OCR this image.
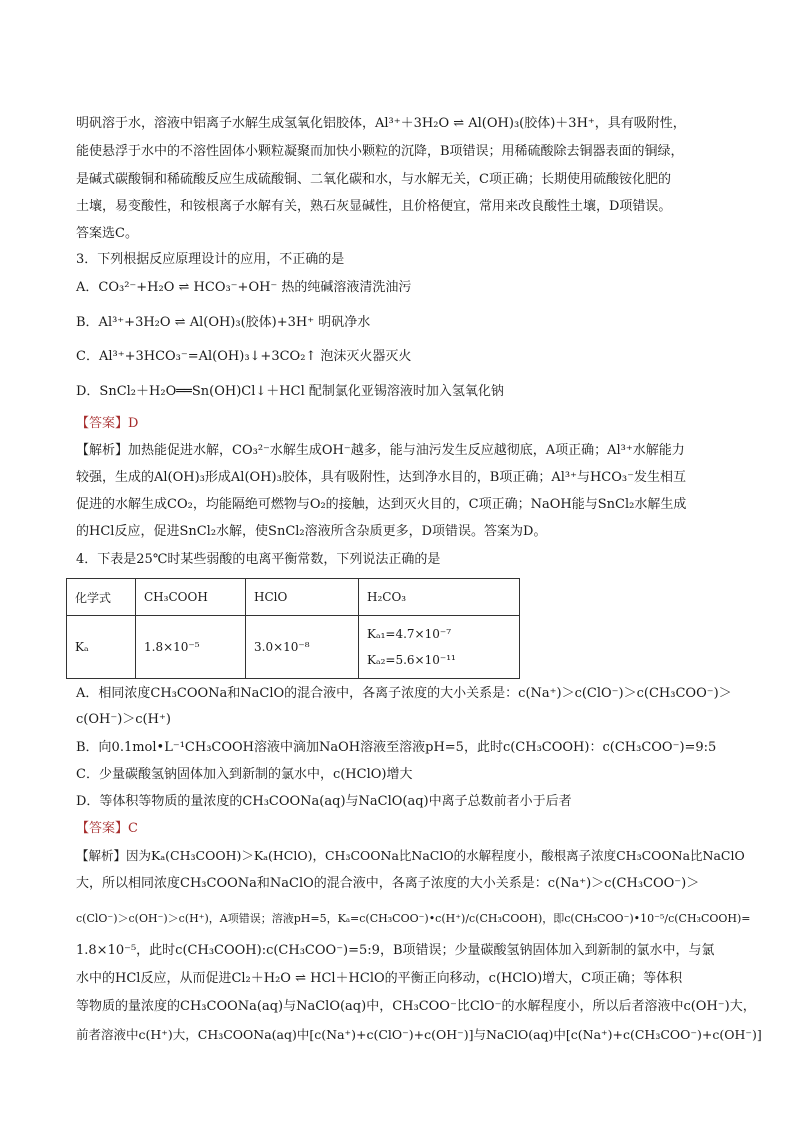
明矾溶于水，溶液中铝离子水解生成氢氧化铝胶体，Al³⁺＋3H₂O ⇌ Al(OH)₃(胶体)＋3H⁺，具有吸附性，
能使悬浮于水中的不溶性固体小颗粒凝聚而加快小颗粒的沉降，B项错误；用稀硫酸除去铜器表面的铜绿，
是碱式碳酸铜和稀硫酸反应生成硫酸铜、二氧化碳和水，与水解无关，C项正确；长期使用硫酸铵化肥的
土壤，易变酸性，和铵根离子水解有关，熟石灰显碱性，且价格便宜，常用来改良酸性土壤，D项错误。
答案选C。
3．下列根据反应原理设计的应用，不正确的是
A．CO₃²⁻+H₂O ⇌ HCO₃⁻+OH⁻ 热的纯碱溶液清洗油污
B．Al³⁺+3H₂O ⇌ Al(OH)₃(胶体)+3H⁺ 明矾净水
C．Al³⁺+3HCO₃⁻=Al(OH)₃↓+3CO₂↑ 泡沫灭火器灭火
D．SnCl₂＋H₂O══Sn(OH)Cl↓＋HCl 配制氯化亚锡溶液时加入氢氧化钠
【答案】D
【解析】加热能促进水解，CO₃²⁻水解生成OH⁻越多，能与油污发生反应越彻底，A项正确；Al³⁺水解能力
较强，生成的Al(OH)₃形成Al(OH)₃胶体，具有吸附性，达到净水目的，B项正确；Al³⁺与HCO₃⁻发生相互
促进的水解生成CO₂，均能隔绝可燃物与O₂的接触，达到灭火目的，C项正确；NaOH能与SnCl₂水解生成
的HCl反应，促进SnCl₂水解，使SnCl₂溶液所含杂质更多，D项错误。答案为D。
4．下表是25℃时某些弱酸的电离平衡常数，下列说法正确的是
化学式	CH₃COOH	HClO	H₂CO₃
Kₐ	1.8×10⁻⁵	3.0×10⁻⁸	Kₐ₁=4.7×10⁻⁷
Kₐ₂=5.6×10⁻¹¹
A．相同浓度CH₃COONa和NaClO的混合液中，各离子浓度的大小关系是：c(Na⁺)＞c(ClO⁻)＞c(CH₃COO⁻)＞
c(OH⁻)＞c(H⁺)
B．向0.1mol•L⁻¹CH₃COOH溶液中滴加NaOH溶液至溶液pH=5，此时c(CH₃COOH)：c(CH₃COO⁻)=9:5
C．少量碳酸氢钠固体加入到新制的氯水中，c(HClO)增大
D．等体积等物质的量浓度的CH₃COONa(aq)与NaClO(aq)中离子总数前者小于后者
【答案】C
【解析】因为Kₐ(CH₃COOH)＞Kₐ(HClO)，CH₃COONa比NaClO的水解程度小，酸根离子浓度CH₃COONa比NaClO
大，所以相同浓度CH₃COONa和NaClO的混合液中，各离子浓度的大小关系是：c(Na⁺)＞c(CH₃COO⁻)＞
c(ClO⁻)＞c(OH⁻)＞c(H⁺)，A项错误；溶液pH=5，Kₐ=c(CH₃COO⁻)•c(H⁺)/c(CH₃COOH)，即c(CH₃COO⁻)•10⁻⁵/c(CH₃COOH)=
1.8×10⁻⁵，此时c(CH₃COOH):c(CH₃COO⁻)=5:9，B项错误；少量碳酸氢钠固体加入到新制的氯水中，与氯
水中的HCl反应，从而促进Cl₂＋H₂O ⇌ HCl＋HClO的平衡正向移动，c(HClO)增大，C项正确；等体积
等物质的量浓度的CH₃COONa(aq)与NaClO(aq)中，CH₃COO⁻比ClO⁻的水解程度小，所以后者溶液中c(OH⁻)大，
前者溶液中c(H⁺)大，CH₃COONa(aq)中[c(Na⁺)+c(ClO⁻)+c(OH⁻)]与NaClO(aq)中[c(Na⁺)+c(CH₃COO⁻)+c(OH⁻)]
